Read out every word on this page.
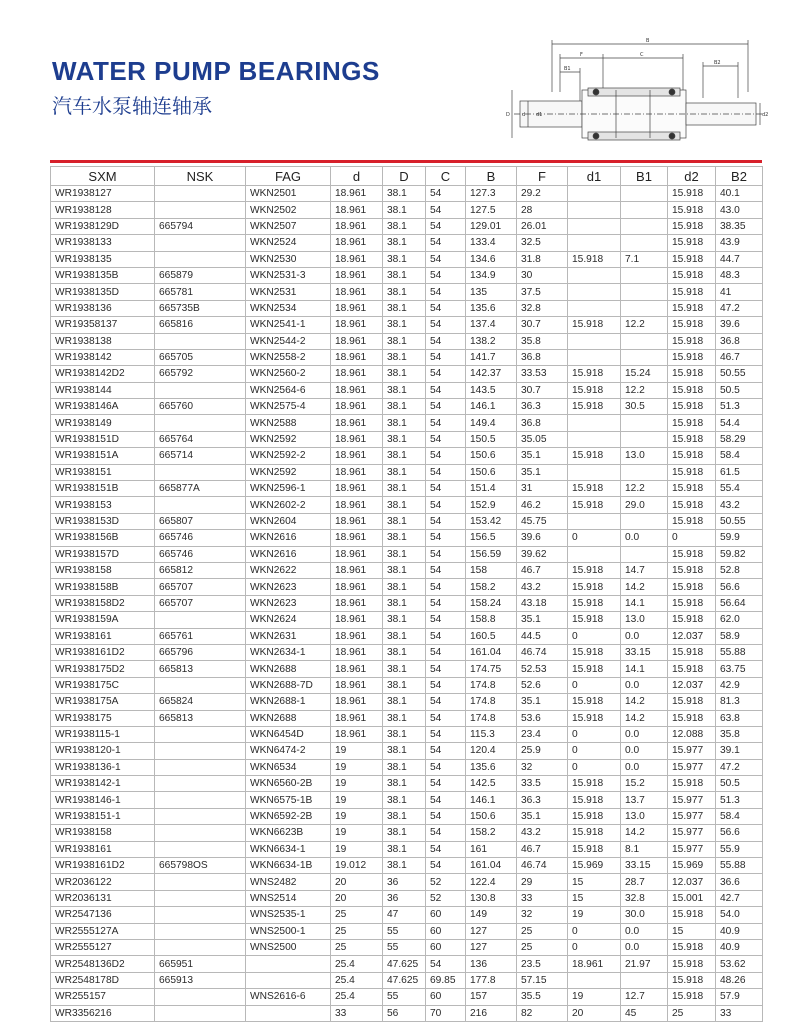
WATER PUMP BEARINGS
汽车水泵轴连轴承
B
F	C
B1
B2
D d d1	d2
SXM	NSK	FAG	d	D	C	B	F	d1	B1	d2	B2
WR1938127		WKN2501	18.961	38.1	54	127.3	29.2			15.918	40.1
WR1938128		WKN2502	18.961	38.1	54	127.5	28			15.918	43.0
WR1938129D	665794	WKN2507	18.961	38.1	54	129.01	26.01			15.918	38.35
WR1938133		WKN2524	18.961	38.1	54	133.4	32.5			15.918	43.9
WR1938135		WKN2530	18.961	38.1	54	134.6	31.8	15.918	7.1	15.918	44.7
WR1938135B	665879	WKN2531-3	18.961	38.1	54	134.9	30			15.918	48.3
WR1938135D	665781	WKN2531	18.961	38.1	54	135	37.5			15.918	41
WR1938136	665735B	WKN2534	18.961	38.1	54	135.6	32.8			15.918	47.2
WR19358137	665816	WKN2541-1	18.961	38.1	54	137.4	30.7	15.918	12.2	15.918	39.6
WR1938138		WKN2544-2	18.961	38.1	54	138.2	35.8			15.918	36.8
WR1938142	665705	WKN2558-2	18.961	38.1	54	141.7	36.8			15.918	46.7
WR1938142D2	665792	WKN2560-2	18.961	38.1	54	142.37	33.53	15.918	15.24	15.918	50.55
WR1938144		WKN2564-6	18.961	38.1	54	143.5	30.7	15.918	12.2	15.918	50.5
WR1938146A	665760	WKN2575-4	18.961	38.1	54	146.1	36.3	15.918	30.5	15.918	51.3
WR1938149		WKN2588	18.961	38.1	54	149.4	36.8			15.918	54.4
WR1938151D	665764	WKN2592	18.961	38.1	54	150.5	35.05			15.918	58.29
WR1938151A	665714	WKN2592-2	18.961	38.1	54	150.6	35.1	15.918	13.0	15.918	58.4
WR1938151		WKN2592	18.961	38.1	54	150.6	35.1			15.918	61.5
WR1938151B	665877A	WKN2596-1	18.961	38.1	54	151.4	31	15.918	12.2	15.918	55.4
WR1938153		WKN2602-2	18.961	38.1	54	152.9	46.2	15.918	29.0	15.918	43.2
WR1938153D	665807	WKN2604	18.961	38.1	54	153.42	45.75			15.918	50.55
WR1938156B	665746	WKN2616	18.961	38.1	54	156.5	39.6	0	0.0	0	59.9
WR1938157D	665746	WKN2616	18.961	38.1	54	156.59	39.62			15.918	59.82
WR1938158	665812	WKN2622	18.961	38.1	54	158	46.7	15.918	14.7	15.918	52.8
WR1938158B	665707	WKN2623	18.961	38.1	54	158.2	43.2	15.918	14.2	15.918	56.6
WR1938158D2	665707	WKN2623	18.961	38.1	54	158.24	43.18	15.918	14.1	15.918	56.64
WR1938159A		WKN2624	18.961	38.1	54	158.8	35.1	15.918	13.0	15.918	62.0
WR1938161	665761	WKN2631	18.961	38.1	54	160.5	44.5	0	0.0	12.037	58.9
WR1938161D2	665796	WKN2634-1	18.961	38.1	54	161.04	46.74	15.918	33.15	15.918	55.88
WR1938175D2	665813	WKN2688	18.961	38.1	54	174.75	52.53	15.918	14.1	15.918	63.75
WR1938175C		WKN2688-7D	18.961	38.1	54	174.8	52.6	0	0.0	12.037	42.9
WR1938175A	665824	WKN2688-1	18.961	38.1	54	174.8	35.1	15.918	14.2	15.918	81.3
WR1938175	665813	WKN2688	18.961	38.1	54	174.8	53.6	15.918	14.2	15.918	63.8
WR1938115-1		WKN6454D	18.961	38.1	54	115.3	23.4	0	0.0	12.088	35.8
WR1938120-1		WKN6474-2	19	38.1	54	120.4	25.9	0	0.0	15.977	39.1
WR1938136-1		WKN6534	19	38.1	54	135.6	32	0	0.0	15.977	47.2
WR1938142-1		WKN6560-2B	19	38.1	54	142.5	33.5	15.918	15.2	15.918	50.5
WR1938146-1		WKN6575-1B	19	38.1	54	146.1	36.3	15.918	13.7	15.977	51.3
WR1938151-1		WKN6592-2B	19	38.1	54	150.6	35.1	15.918	13.0	15.977	58.4
WR1938158		WKN6623B	19	38.1	54	158.2	43.2	15.918	14.2	15.977	56.6
WR1938161		WKN6634-1	19	38.1	54	161	46.7	15.918	8.1	15.977	55.9
WR1938161D2	665798OS	WKN6634-1B	19.012	38.1	54	161.04	46.74	15.969	33.15	15.969	55.88
WR2036122		WNS2482	20	36	52	122.4	29	15	28.7	12.037	36.6
WR2036131		WNS2514	20	36	52	130.8	33	15	32.8	15.001	42.7
WR2547136		WNS2535-1	25	47	60	149	32	19	30.0	15.918	54.0
WR2555127A		WNS2500-1	25	55	60	127	25	0	0.0	15	40.9
WR2555127		WNS2500	25	55	60	127	25	0	0.0	15.918	40.9
WR2548136D2	665951		25.4	47.625	54	136	23.5	18.961	21.97	15.918	53.62
WR2548178D	665913		25.4	47.625	69.85	177.8	57.15			15.918	48.26
WR255157		WNS2616-6	25.4	55	60	157	35.5	19	12.7	15.918	57.9
WR3356216			33	56	70	216	82	20	45	25	33
